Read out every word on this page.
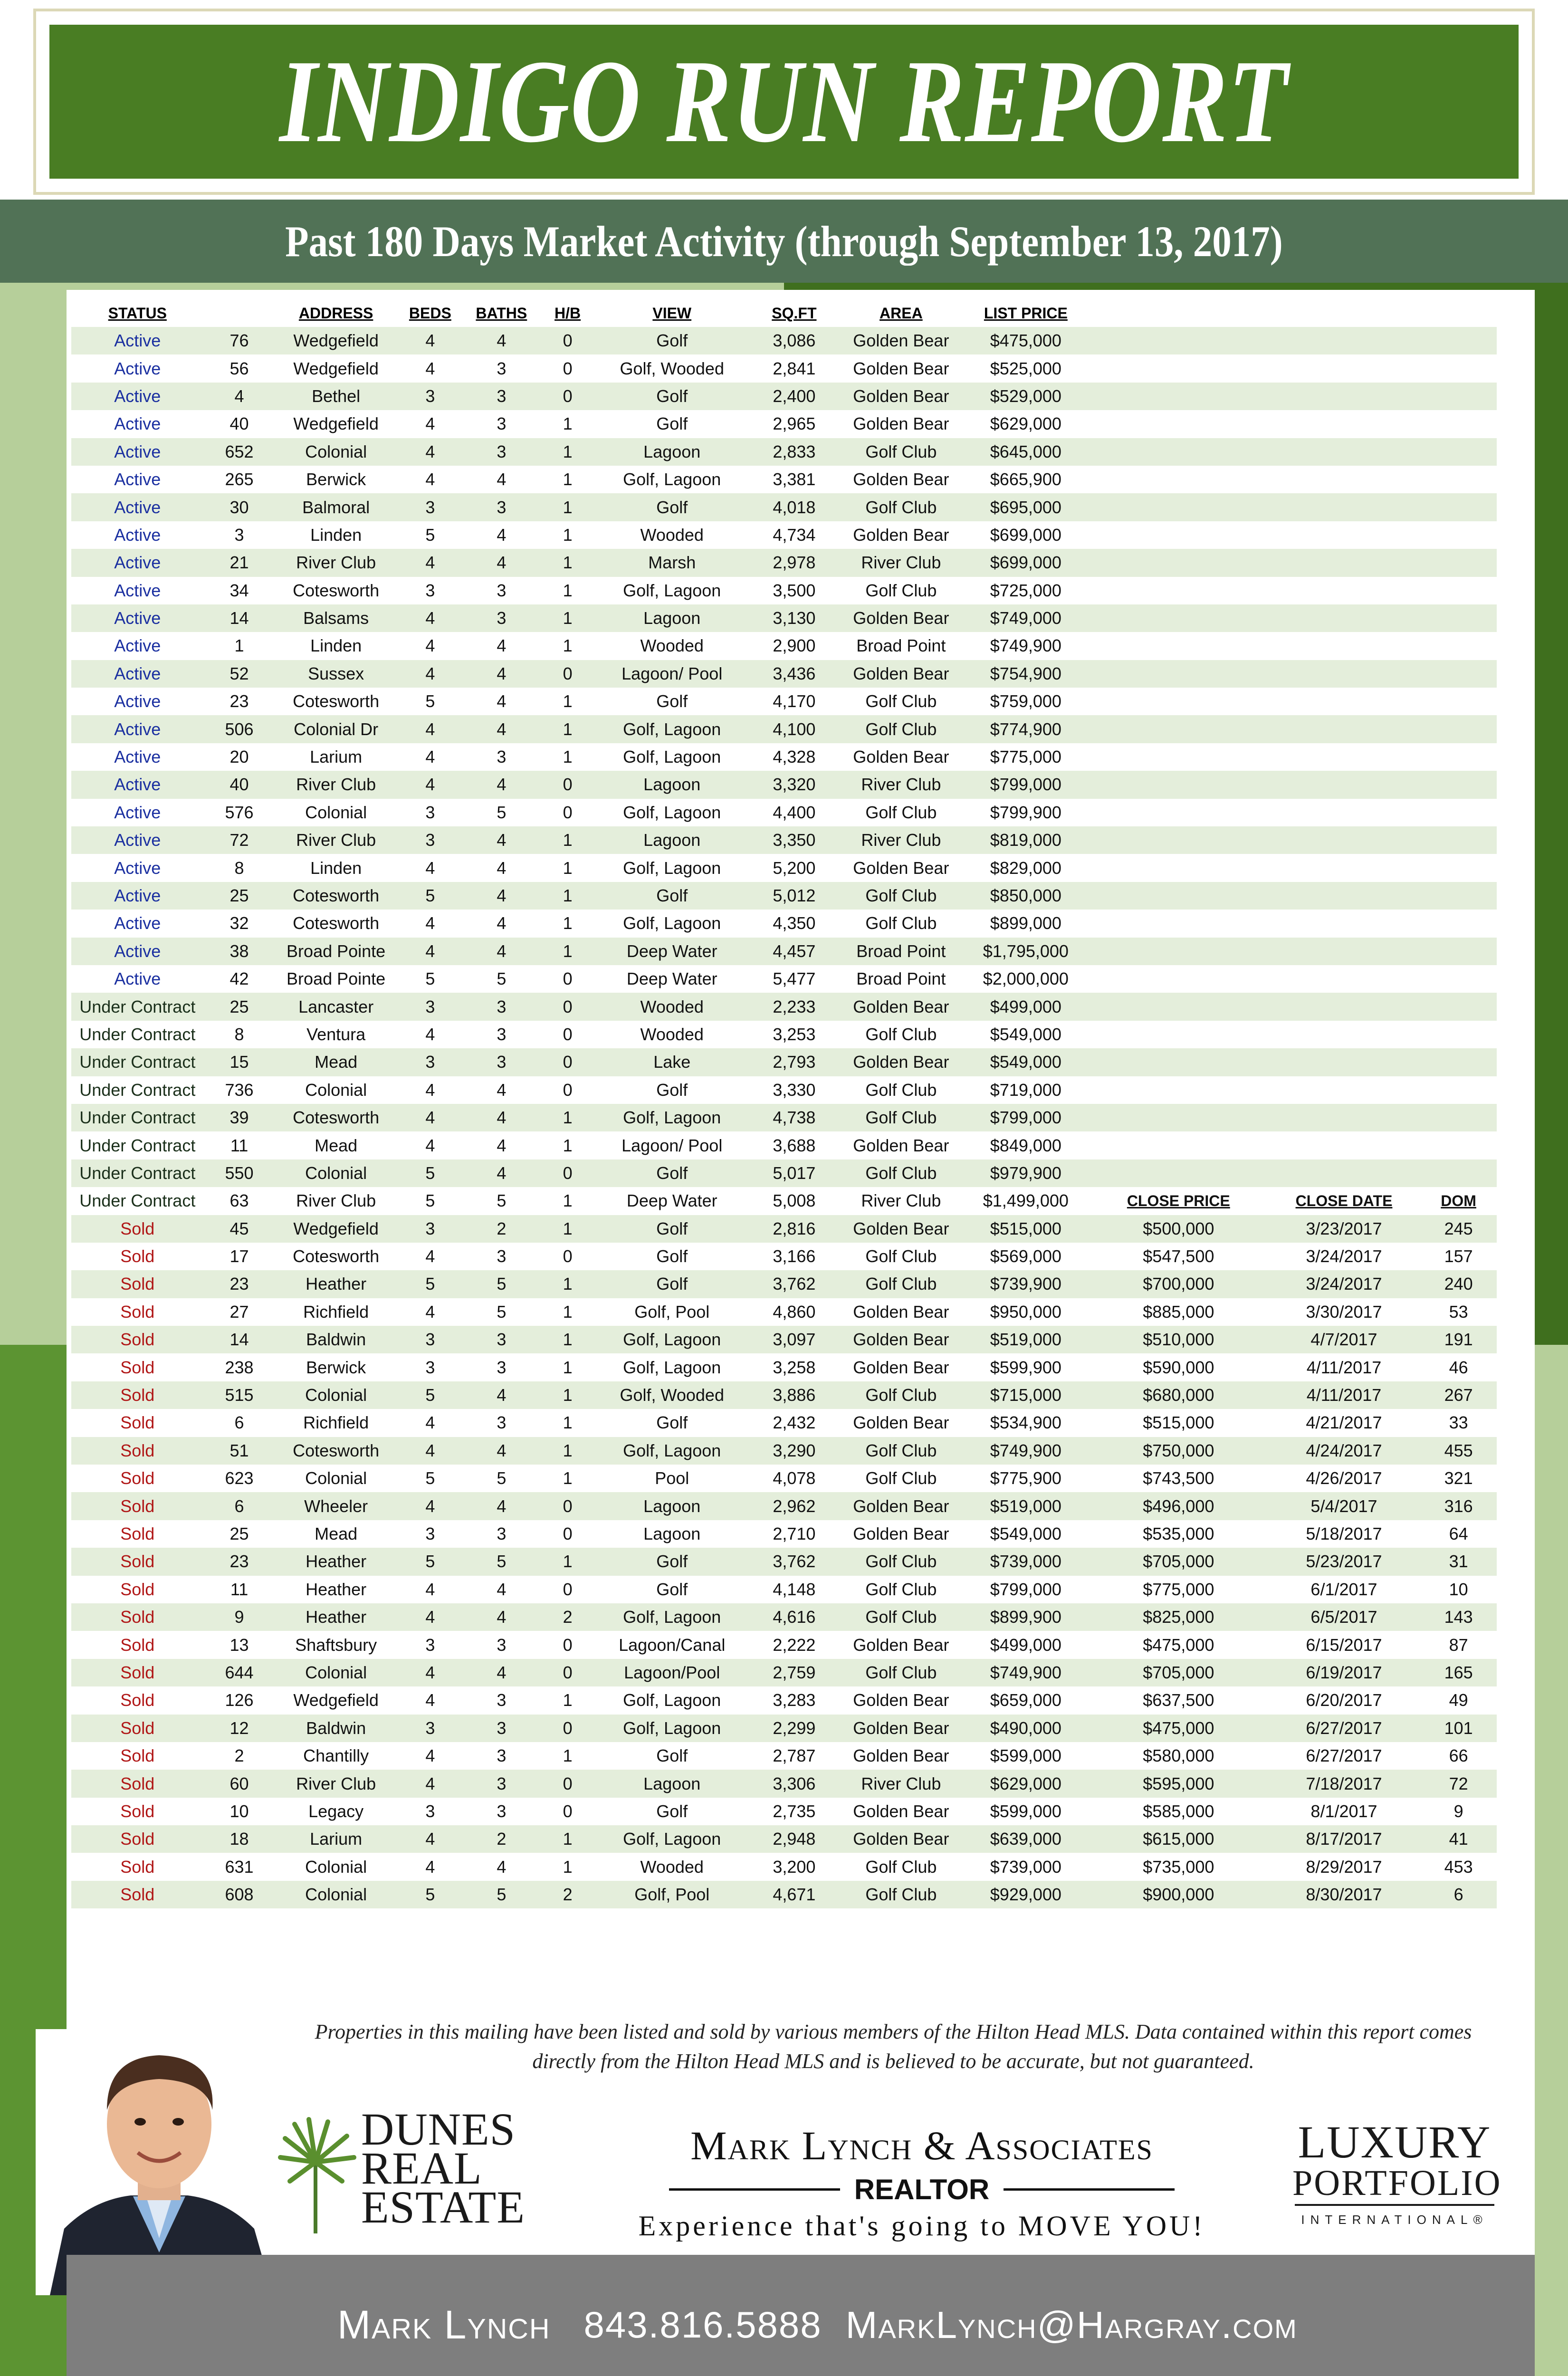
INDIGO RUN REPORT
Past 180 Days Market Activity (through September 13, 2017)
STATUS		ADDRESS	BEDS	BATHS	H/B	VIEW	SQ.FT	AREA	LIST PRICE			
Active	76	Wedgefield	4	4	0	Golf	3,086	Golden Bear	$475,000			
Active	56	Wedgefield	4	3	0	Golf, Wooded	2,841	Golden Bear	$525,000			
Active	4	Bethel	3	3	0	Golf	2,400	Golden Bear	$529,000			
Active	40	Wedgefield	4	3	1	Golf	2,965	Golden Bear	$629,000			
Active	652	Colonial	4	3	1	Lagoon	2,833	Golf Club	$645,000			
Active	265	Berwick	4	4	1	Golf, Lagoon	3,381	Golden Bear	$665,900			
Active	30	Balmoral	3	3	1	Golf	4,018	Golf Club	$695,000			
Active	3	Linden	5	4	1	Wooded	4,734	Golden Bear	$699,000			
Active	21	River Club	4	4	1	Marsh	2,978	River Club	$699,000			
Active	34	Cotesworth	3	3	1	Golf, Lagoon	3,500	Golf Club	$725,000			
Active	14	Balsams	4	3	1	Lagoon	3,130	Golden Bear	$749,000			
Active	1	Linden	4	4	1	Wooded	2,900	Broad Point	$749,900			
Active	52	Sussex	4	4	0	Lagoon/ Pool	3,436	Golden Bear	$754,900			
Active	23	Cotesworth	5	4	1	Golf	4,170	Golf Club	$759,000			
Active	506	Colonial Dr	4	4	1	Golf, Lagoon	4,100	Golf Club	$774,900			
Active	20	Larium	4	3	1	Golf, Lagoon	4,328	Golden Bear	$775,000			
Active	40	River Club	4	4	0	Lagoon	3,320	River Club	$799,000			
Active	576	Colonial	3	5	0	Golf, Lagoon	4,400	Golf Club	$799,900			
Active	72	River Club	3	4	1	Lagoon	3,350	River Club	$819,000			
Active	8	Linden	4	4	1	Golf, Lagoon	5,200	Golden Bear	$829,000			
Active	25	Cotesworth	5	4	1	Golf	5,012	Golf Club	$850,000			
Active	32	Cotesworth	4	4	1	Golf, Lagoon	4,350	Golf Club	$899,000			
Active	38	Broad Pointe	4	4	1	Deep Water	4,457	Broad Point	$1,795,000			
Active	42	Broad Pointe	5	5	0	Deep Water	5,477	Broad Point	$2,000,000			
Under Contract	25	Lancaster	3	3	0	Wooded	2,233	Golden Bear	$499,000			
Under Contract	8	Ventura	4	3	0	Wooded	3,253	Golf Club	$549,000			
Under Contract	15	Mead	3	3	0	Lake	2,793	Golden Bear	$549,000			
Under Contract	736	Colonial	4	4	0	Golf	3,330	Golf Club	$719,000			
Under Contract	39	Cotesworth	4	4	1	Golf, Lagoon	4,738	Golf Club	$799,000			
Under Contract	11	Mead	4	4	1	Lagoon/ Pool	3,688	Golden Bear	$849,000			
Under Contract	550	Colonial	5	4	0	Golf	5,017	Golf Club	$979,900			
Under Contract	63	River Club	5	5	1	Deep Water	5,008	River Club	$1,499,000	CLOSE PRICE	CLOSE DATE	DOM
Sold	45	Wedgefield	3	2	1	Golf	2,816	Golden Bear	$515,000	$500,000	3/23/2017	245
Sold	17	Cotesworth	4	3	0	Golf	3,166	Golf Club	$569,000	$547,500	3/24/2017	157
Sold	23	Heather	5	5	1	Golf	3,762	Golf Club	$739,900	$700,000	3/24/2017	240
Sold	27	Richfield	4	5	1	Golf, Pool	4,860	Golden Bear	$950,000	$885,000	3/30/2017	53
Sold	14	Baldwin	3	3	1	Golf, Lagoon	3,097	Golden Bear	$519,000	$510,000	4/7/2017	191
Sold	238	Berwick	3	3	1	Golf, Lagoon	3,258	Golden Bear	$599,900	$590,000	4/11/2017	46
Sold	515	Colonial	5	4	1	Golf, Wooded	3,886	Golf Club	$715,000	$680,000	4/11/2017	267
Sold	6	Richfield	4	3	1	Golf	2,432	Golden Bear	$534,900	$515,000	4/21/2017	33
Sold	51	Cotesworth	4	4	1	Golf, Lagoon	3,290	Golf Club	$749,900	$750,000	4/24/2017	455
Sold	623	Colonial	5	5	1	Pool	4,078	Golf Club	$775,900	$743,500	4/26/2017	321
Sold	6	Wheeler	4	4	0	Lagoon	2,962	Golden Bear	$519,000	$496,000	5/4/2017	316
Sold	25	Mead	3	3	0	Lagoon	2,710	Golden Bear	$549,000	$535,000	5/18/2017	64
Sold	23	Heather	5	5	1	Golf	3,762	Golf Club	$739,000	$705,000	5/23/2017	31
Sold	11	Heather	4	4	0	Golf	4,148	Golf Club	$799,000	$775,000	6/1/2017	10
Sold	9	Heather	4	4	2	Golf, Lagoon	4,616	Golf Club	$899,900	$825,000	6/5/2017	143
Sold	13	Shaftsbury	3	3	0	Lagoon/Canal	2,222	Golden Bear	$499,000	$475,000	6/15/2017	87
Sold	644	Colonial	4	4	0	Lagoon/Pool	2,759	Golf Club	$749,900	$705,000	6/19/2017	165
Sold	126	Wedgefield	4	3	1	Golf, Lagoon	3,283	Golden Bear	$659,000	$637,500	6/20/2017	49
Sold	12	Baldwin	3	3	0	Golf, Lagoon	2,299	Golden Bear	$490,000	$475,000	6/27/2017	101
Sold	2	Chantilly	4	3	1	Golf	2,787	Golden Bear	$599,000	$580,000	6/27/2017	66
Sold	60	River Club	4	3	0	Lagoon	3,306	River Club	$629,000	$595,000	7/18/2017	72
Sold	10	Legacy	3	3	0	Golf	2,735	Golden Bear	$599,000	$585,000	8/1/2017	9
Sold	18	Larium	4	2	1	Golf, Lagoon	2,948	Golden Bear	$639,000	$615,000	8/17/2017	41
Sold	631	Colonial	4	4	1	Wooded	3,200	Golf Club	$739,000	$735,000	8/29/2017	453
Sold	608	Colonial	5	5	2	Golf, Pool	4,671	Golf Club	$929,000	$900,000	8/30/2017	6
Properties in this mailing have been listed and sold by various members of the Hilton Head MLS. Data contained within this report comes directly from the Hilton Head MLS and is believed to be accurate, but not guaranteed.
DUNES
REAL
ESTATE
Mark Lynch & Associates
REALTOR
Experience that's going to MOVE YOU!
LUXURY
PORTFOLIO
INTERNATIONAL®
Mark Lynch 843.816.5888 MarkLynch@Hargray.com
